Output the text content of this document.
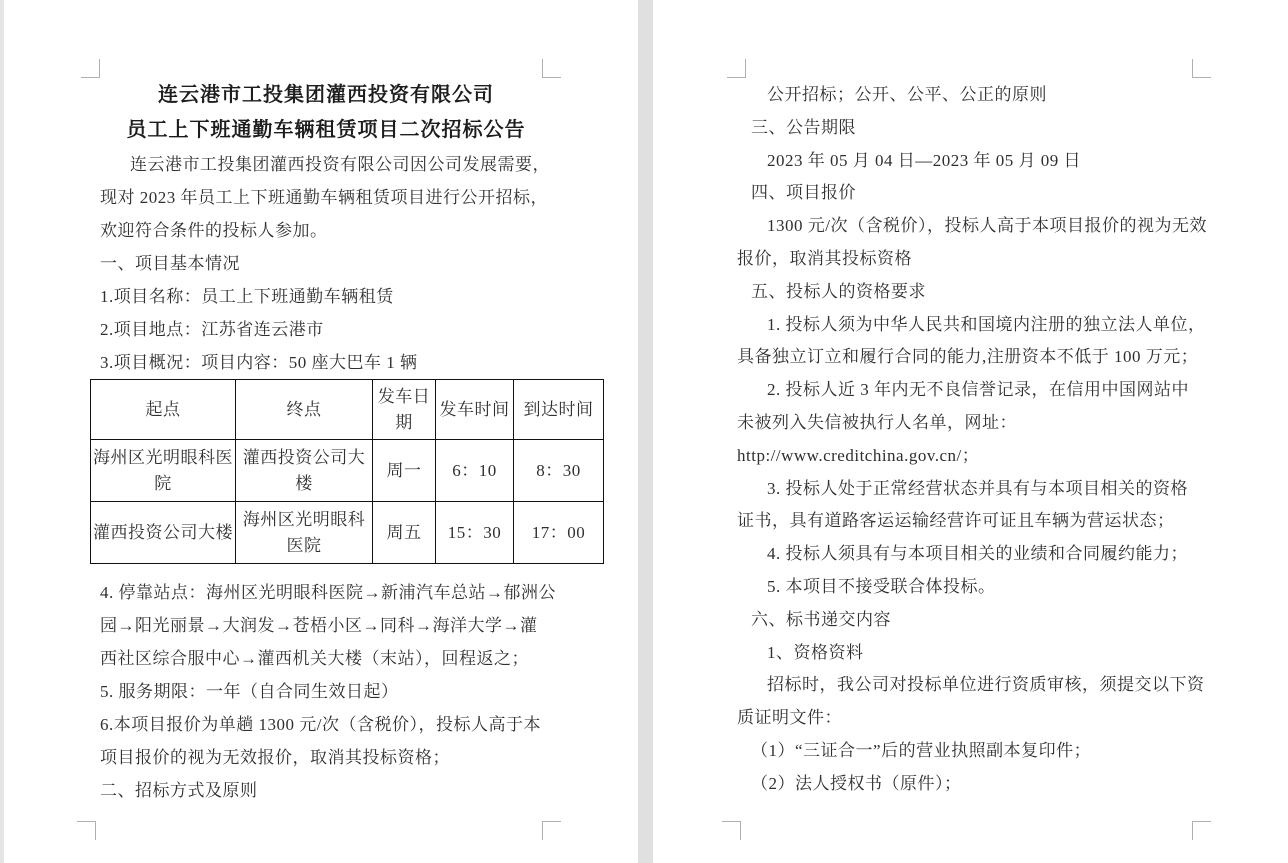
连云港市工投集团灌西投资有限公司
员工上下班通勤车辆租赁项目二次招标公告
连云港市工投集团灌西投资有限公司因公司发展需要，
现对 2023 年员工上下班通勤车辆租赁项目进行公开招标，
欢迎符合条件的投标人参加。
一、项目基本情况
1.项目名称：员工上下班通勤车辆租赁
2.项目地点：江苏省连云港市
3.项目概况：项目内容：50 座大巴车 1 辆
起点	终点	发车日期	发车时间	到达时间
海州区光明眼科医院	灌西投资公司大楼	周一	6：10	8：30
灌西投资公司大楼	海州区光明眼科医院	周五	15：30	17：00
4. 停靠站点：海州区光明眼科医院→新浦汽车总站→郁洲公
园→阳光丽景→大润发→苍梧小区→同科→海洋大学→灌
西社区综合服中心→灌西机关大楼（末站），回程返之；
5. 服务期限：一年（自合同生效日起）
6.本项目报价为单趟 1300 元/次（含税价），投标人高于本
项目报价的视为无效报价，取消其投标资格；
二、招标方式及原则
公开招标；公开、公平、公正的原则
三、公告期限
2023 年 05 月 04 日—2023 年 05 月 09 日
四、项目报价
1300 元/次（含税价），投标人高于本项目报价的视为无效
报价，取消其投标资格
五、投标人的资格要求
1. 投标人须为中华人民共和国境内注册的独立法人单位，
具备独立订立和履行合同的能力,注册资本不低于 100 万元；
2. 投标人近 3 年内无不良信誉记录，在信用中国网站中
未被列入失信被执行人名单，网址：
http://www.creditchina.gov.cn/；
3. 投标人处于正常经营状态并具有与本项目相关的资格
证书，具有道路客运运输经营许可证且车辆为营运状态；
4. 投标人须具有与本项目相关的业绩和合同履约能力；
5. 本项目不接受联合体投标。
六、标书递交内容
1、资格资料
招标时，我公司对投标单位进行资质审核，须提交以下资
质证明文件：
（1）“三证合一”后的营业执照副本复印件；
（2）法人授权书（原件）；
